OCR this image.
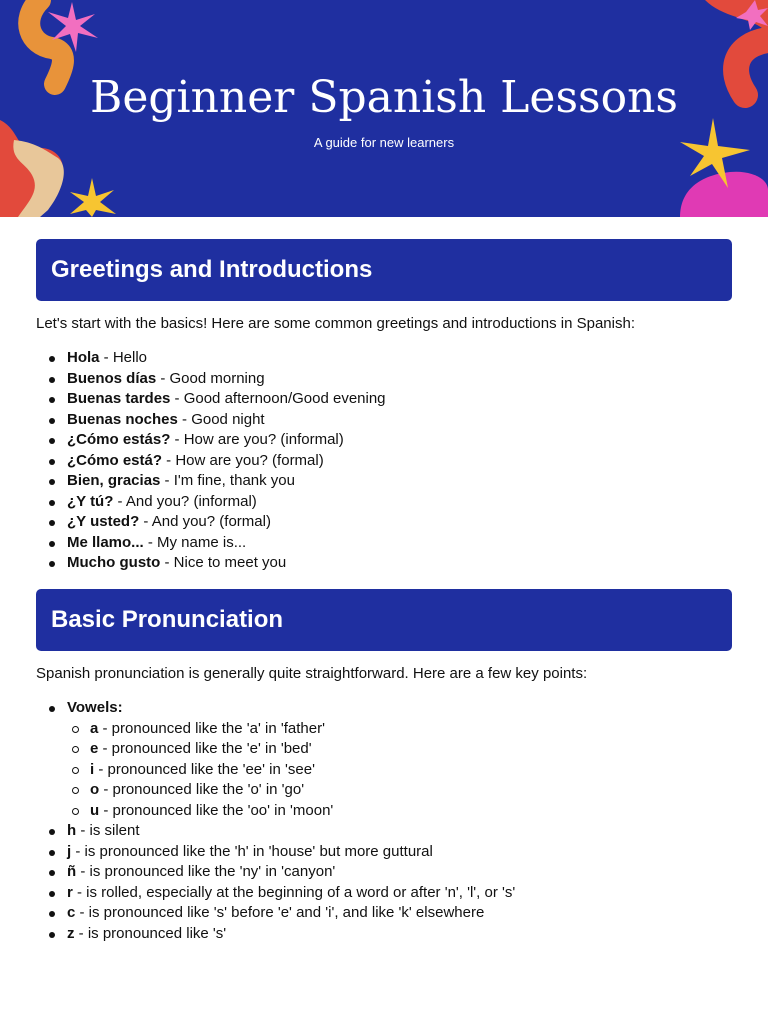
Beginner Spanish Lessons
A guide for new learners
Greetings and Introductions
Let's start with the basics! Here are some common greetings and introductions in Spanish:
Hola - Hello
Buenos días - Good morning
Buenas tardes - Good afternoon/Good evening
Buenas noches - Good night
¿Cómo estás? - How are you? (informal)
¿Cómo está? - How are you? (formal)
Bien, gracias - I'm fine, thank you
¿Y tú? - And you? (informal)
¿Y usted? - And you? (formal)
Me llamo... - My name is...
Mucho gusto - Nice to meet you
Basic Pronunciation
Spanish pronunciation is generally quite straightforward. Here are a few key points:
Vowels:
a - pronounced like the 'a' in 'father'
e - pronounced like the 'e' in 'bed'
i - pronounced like the 'ee' in 'see'
o - pronounced like the 'o' in 'go'
u - pronounced like the 'oo' in 'moon'
h - is silent
j - is pronounced like the 'h' in 'house' but more guttural
ñ - is pronounced like the 'ny' in 'canyon'
r - is rolled, especially at the beginning of a word or after 'n', 'l', or 's'
c - is pronounced like 's' before 'e' and 'i', and like 'k' elsewhere
z - is pronounced like 's'
